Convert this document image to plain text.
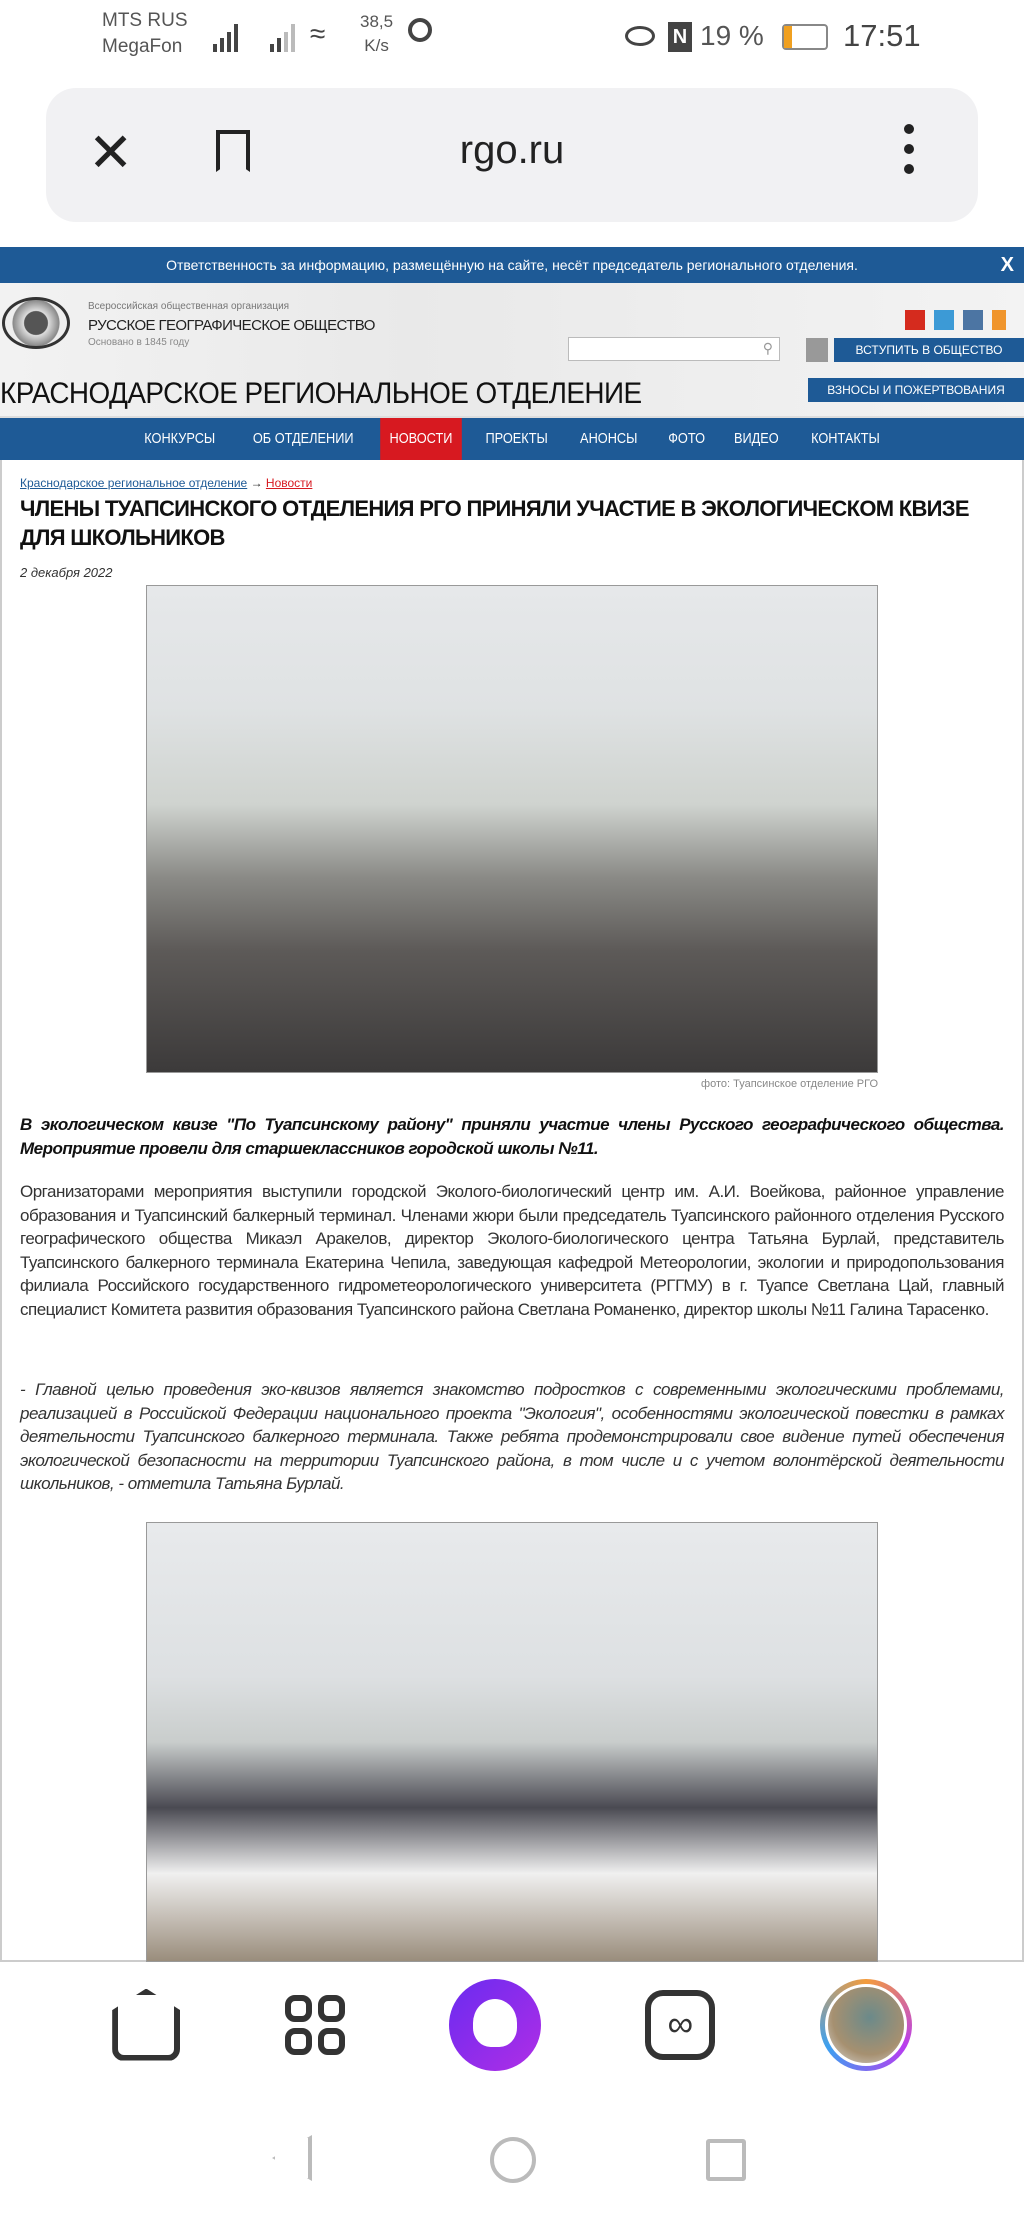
MTS RUS
MegaFon	≈ 38,5
K/s	N 19 %	17:51
✕	rgo.ru
Ответственность за информацию, размещённую на сайте, несёт председатель регионального отделения.	X
Всероссийская общественная организация
РУССКОЕ ГЕОГРАФИЧЕСКОЕ ОБЩЕСТВО
Основано в 1845 году
КРАСНОДАРСКОЕ РЕГИОНАЛЬНОЕ ОТДЕЛЕНИЕ
⚲	ВСТУПИТЬ В ОБЩЕСТВО
ВЗНОСЫ И ПОЖЕРТВОВАНИЯ
КОНКУРСЫ	ОБ ОТДЕЛЕНИИ	НОВОСТИ	ПРОЕКТЫ	АНОНСЫ	ФОТО	ВИДЕО	КОНТАКТЫ
Краснодарское региональное отделение → Новости
ЧЛЕНЫ ТУАПСИНСКОГО ОТДЕЛЕНИЯ РГО ПРИНЯЛИ УЧАСТИЕ В ЭКОЛОГИЧЕСКОМ КВИЗЕ ДЛЯ ШКОЛЬНИКОВ
2 декабря 2022
фото: Туапсинское отделение РГО

В экологическом квизе "По Туапсинскому району" приняли участие члены Русского географического общества. Мероприятие провели для старшеклассников городской школы №11.

Организаторами мероприятия выступили городской Эколого-биологический центр им. А.И. Воейкова, районное управление образования и Туапсинский балкерный терминал. Членами жюри были председатель Туапсинского районного отделения Русского географического общества Микаэл Аракелов, директор Эколого-биологического центра Татьяна Бурлай, представитель Туапсинского балкерного терминала Екатерина Чепила, заведующая кафедрой Метеорологии, экологии и природопользования филиала Российского государственного гидрометеорологического университета (РГГМУ) в г. Туапсе Светлана Цай, главный специалист Комитета развития образования Туапсинского района Светлана Романенко, директор школы №11 Галина Тарасенко.

- Главной целью проведения эко-квизов является знакомство подростков с современными экологическими проблемами, реализацией в Российской Федерации национального проекта "Экология", особенностями экологической повестки в рамках деятельности Туапсинского балкерного терминала. Также ребята продемонстрировали свое видение путей обеспечения экологической безопасности на территории Туапсинского района, в том числе и с учетом волонтёрской деятельности школьников, - отметила Татьяна Бурлай.

∞
